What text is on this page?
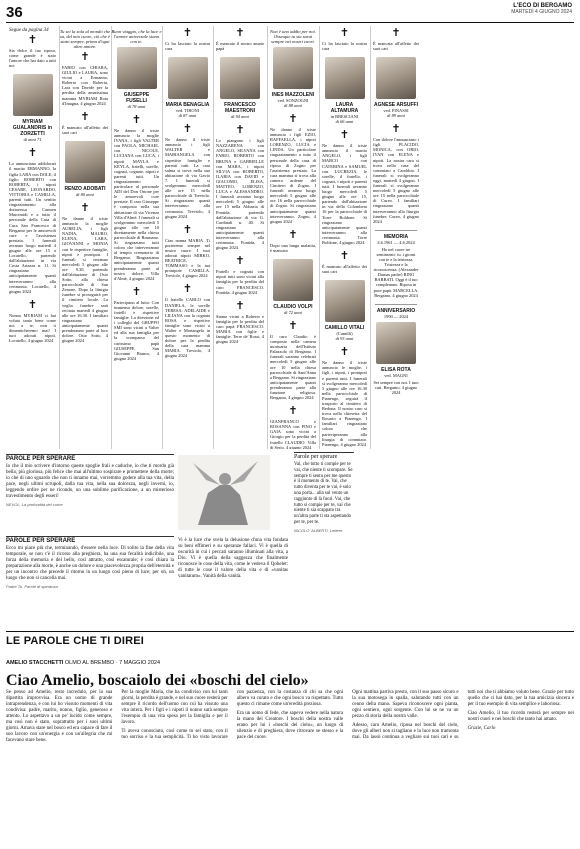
36	L'ECO DI BERGAMO
MARTEDÌ 4 GIUGNO 2024
Segue da pagina 34
✝
Sia dolce il tuo riposo, come grande è stato l'amore che hai dato a tutti noi
MYRIAM GUALANDRIS in ZORZETTI
di anni 71
✝
Lo annunciano addolorati il marito ERMANNO, la figlia LARA con DOLE, il figlio ROBERTO con ROBERTA, i nipoti CESARE, LEONARDO, VITTORIA e CAMILLA, parenti tutti. Un sentito ringraziamento alla dottoressa Carmen Marcimidi e a tutto il personale della Casa di Cura San Francesco di Bergamo per le amorevoli cure e l'assistenza prestata. I funerali avranno luogo martedì 4 giugno alle ore 15 a Locatello, partendo dall'abitazione in via Costa Ariazza n. 11. Si ringraziano anticipatamente quanti interverranno alla cerimonia. Locatello, 4 giugno 2024
✝
Nonna MYRIAM ci hai voluto tanto bene come noi a te, non ti dimenticheremo mai! I tuoi adorati nipoti. Locatello, 4 giugno 2024
Tu sei la sola al mondo che sa, del mio cuore, ciò che è stato sempre, prima d'ogni altro amore.
✝
FABIO con CHIARA, GIULIO e LAURA, sono vicini a Ermanno, Roberto con Roberta, Lara con Davide per la perdita della amatissima mamma MYRIAM Rota d'Imagna, 4 giugno 2024
✝
È mancato all'affetto dei suoi cari
RENZO ADOBATI
di 80 anni
✝
Ne danno il triste annuncio la moglie AURELIA, i figli NADIA, MAURO, ELENA, LARA, GIOVANNI e MONIA con le rispettive famiglie, nipoti e pronipoti. I funerali si terranno mercoledì 5 giugno alle ore 9.30, partendo dall'abitazione di Osio Sotto, alla chiesa parrocchiale di San Zenone. Dopo la liturgia funebre si proseguirà per il cimitero locale. La veglia funebre sarà recitata martedì 4 giugno alle ore 16.30. I familiari ringraziano anticipatamente quanti prenderanno parte al loro dolore. Osio Sotto, 4 giugno 2024
Buon viaggio, che la luce e l'amore universale siano con te.
GIUSEPPE FUSELLI
di 78 anni
✝
Ne danno il triste annuncio la moglie IVANA, i figli VALTER con PAOLA, MICHAEL con NICOLE, LUCIANA con LUCA, i nipoti MAYLA e KEYLA, fratelli, sorelle, cognati, cognate, nipoti e parenti tutti. Un ringraziamento particolare al personale ADI del Don Orione per le amorevoli cure prestate. Il caro Giuseppe è composto nella sua abitazione di via Vicenza Villa d'Almè. I funerali si svolgeranno mercoledì 5 giugno alle ore 10 direttamente nella chiesa parrocchiale di Brumano. Si ringraziano tutti coloro che interverranno al tempio crematorio di Bergamo. Ringraziamo anticipatamente quanti prenderanno parte al nostro dolore. Villa d'Almè, 4 giugno 2024
✝
Partecipano al lutto: Con immenso dolore, sorelle, fratelli e rispettive famiglie. La direzione ed i colleghi del GRUPPO SMI sono vicini a Valter ed alla sua famiglia per la scomparsa del carissimo papà GIUSEPPE. San Giovanni Bianco, 4 giugno 2024
✝
Ci ha lasciato la nostra cara
MARIA BENAGLIA
ved. TIRONI
di 87 anni
✝
Ne danno il triste annuncio i figli WALTER e MARIANGELA con rispettive famiglie e parenti tutti. La cara salma si trova nella sua abitazione di via Gavio 7. I funerali si svolgeranno mercoledì alle ore 15 nella parrocchiale di Treviolo. Si ringraziano quanti interverranno alla cerimonia. Treviolo, 4 giugno 2024
✝
Ciao nonna MARIA. Ti porteremo sempre nel nostro cuore. I tuoi adorati nipoti MIRKO, BEATRICE, TOMMASO e la tua pronipote CAMILLA. Treviolo, 4 giugno 2024
✝
Il fratello CARLO con DANIELA, le sorelle TERESA, ADELAIDE e LILIANA con la cognata ROSA e rispettive famiglie sono vicini a Walter e Mariangela in questo momento di dolore per la perdita della cara mamma MARIA. Treviolo, 4 giugno 2024
✝
È mancato il nostro amato papà
FRANCESCO MAESTRONI
di 94 anni
✝
Lo piangono i figli NAZZARENA con ANGELO, SILVANA con FABIO, ROBERTO con BRUNA e GABRIELLE con MARA, i nipoti SILVIA con ROBERTO, ILARIA con DAVID e GIACOMO, ELISA, MATTEO, LORENZO, LUCA e ALESSANDRO. I funerali avranno luogo mercoledì 5 giugno alle ore 15 nella Abbazia di Pontida, partendo dall'abitazione di via G. Cardinali n. 40. Si ringraziano anticipatamente quanti interverranno alla cerimonia. Pontida, 4 giugno 2024
✝
Fratelli e cognati con nipoti tutti sono vicini alla famiglia per la perdita del caro FRANCESCO. Pontida, 4 giugno 2024
✝
Siamo vicini a Roberto e famiglia per la perdita del caro papà FRANCESCO. MARIA con figlie e famiglie. Terre de' Rossi, 4 giugno 2024
Non è uno addio per noi. Ovunque tu sia sarai sempre nei nostri cuori.
INES MAZZOLENI
ved. SONZOGNI
di 88 anni
✝
Ne danno il triste annuncio i figli EZIO, RAFFAELLA, i nipoti LORENZO, LUCIA e LINDA. Un particolare ringraziamento a tutto il personale della casa di riposo di Zogno per l'assistenza prestata. La cara mamma si trova alla camera ardente del Cimitero di Zogno. I funerali avranno luogo mercoledì 5 giugno alle ore 16 nella parrocchiale di Zogno. Si ringraziano anticipatamente quanti interverranno. Zogno, 4 giugno 2024
✝
Dopo una lunga malattia, è mancato
CLAUDIO VOLPI
di 72 anni
✝
Il caro Claudio è composto nella camera mortuaria dell'Istituto Palazzolo di Bergamo. I funerali saranno celebrati mercoledì 5 giugno alle ore 10 nella chiesa parrocchiale di Sant'Anna a Bergamo. Si ringraziano anticipatamente quanti prenderanno parte alla funzione religiosa. Bergamo, 4 giugno 2024
✝
GIANFRANCO e ROSANNA con PINO e GAIA sono vicini a Giorgio per la perdita del fratello CLAUDIO. Villa di Serio, 4 giugno 2024
✝
Ci ha lasciato la nostra cara
LAURA ALTAMURA
in BRESCIANI
di 66 anni
✝
Ne danno il triste annuncio il marito ANGELO, i figli MARCO con CATERINA e SAMUEL con LUCREZIA, le sorelle, il fratello, i cognati, i nipoti e parenti tutti. I funerali avranno luogo mercoledì 5 giugno alle ore 15, partendo dall'abitazione in via della Colombera 16 per la parrocchiale di Torre Boldone. Si ringraziano anticipatamente quanti interverranno alla cerimonia. Torre Boldone, 4 giugno 2024
✝
È mancato all'affetto dei suoi cari
CAMILLO VITALI
(Camilli)
di 93 anni
✝
Ne danno il triste annuncio le moglie, i figli, i nipoti, i pronipoti e parenti tutti. I funerali si svolgeranno mercoledì 5 giugno alle ore 16.30 nella parrocchiale di Pianengo, seguirà il trasporto al cimitero di Redona. Il nostro caro si trova nella chiesetta del Rosario a Pianengo. I familiari ringraziano coloro che parteciperanno alla liturgia di commiato. Pianengo, 4 giugno 2024
✝
È mancata all'affetto dei suoi cari
AGNESE ARSUFFI
ved. FINASSI
di 89 anni
✝
Con dolore l'annunciano i figli PLACIDO, MONICA, con ORIO, IVAN con ELENA e nipoti. La nostra cara si trova nella casa del commiato a Carobbio. I funerali si svolgeranno oggi, martedì 4 giugno. I funerali si svolgeranno mercoledì 5 giugno alle ore 15 nella parrocchiale di Cureo. I familiari ringraziano quanti interverranno alla liturgia funebre. Cureo, 4 giugno 2024
MEMORIA
4.6.1961 — 4.6.2024
Ho nel cuore tre sentimenti: tu, i giorni con te e la tristezza. Tristezza e la riconoscenza. (Alexander Dumas padre) RINO BARBATI. Oggi è il tuo compleanno. Riposa in pace papà. MARCELLA. Bergamo, 4 giugno 2024
ANNIVERSARIO
1990 — 2024
ELISA ROTA
ved. MAGNI
Sei sempre con noi. I tuoi cari. Bergamo, 4 giugno 2024
PAROLE PER SPERARE
Io che il mio scrivere d'intorno queste spoglie frali e caduche, io che ti mordo già bella, più gloriosa, più felice che mai all'ultimo sospirare e promettere della morte; io che di uno sguardo che non ti innamo mai, vorremmo godere alla tua vita, della pace, negli ultimi scrupoli, dalla tua vita, nella sua dolcezza, negli inverni, io, leggendo ordire per ne ricondo, un una sublime purificazione, a un misterioso travestimento degli esseri!
NEVOL, La profondità del cuore
PAROLE PER SPERARE
Ecco mi piace più che, terminando, d'essere nella luce. Di solito la fine della vita temporale, se non c'è il ricorso alla preghiera, ha una sua fecalità indicibile, una forza della memoria e del bello, così attratto, così escaturale; è così chiara la preparazione alla morte, è anche un dolore e una piacevolezza propria dell'eternità e per un incontro che precede il ritorno in un luogo così pieno di luce; per oh, un luogo che non si cancella mai.
Padre Tu. Parole di speranza
Vi è la luce che svela la delusione d'una vita fondata su beni effimeri e su speranze fallaci. Vi è quella di oscurità in cui i peccati saranno illuminati alla vita, a Dio. Vi è quella della saggezza che finalmente riconosce le cose della vita, come le vedeva il Qohelet: di tutte le cose il valore della vita e di «vanitas vanitatum». Vanità della vanità.
Parole per sperare
Vai, che tutto ti compie per te vai, che niente ti scompare. Se sempre ti sentu per me questo è il momento di te. Vai, che tutto diventa per te vai, è solo una porta... alla sul vento un raggiunto di là fuori. Vai, che tutto si compie per te, vai che niente ti sia scappato tra un'altra parte ti sta aspettando per te, per te.
NICOLO' ALBERTI, Lettere
LE PAROLE CHE TI DIREI
AMELIO STACCHETTI OLMO AL BREMBO · 7 MAGGIO 2024
Ciao Amelio, boscaiolo dei «boschi del cielo»

Se penso ad Amelio, resto incredulo, per la sua dipartita improvvisa. Era un uomo di grande intraprendenza, e con lui ho vissuto momenti di vita condivisa: padre, marito, nonno, figlio, generoso e attento. Lo aspettavo a un pe' lucido come sempre, ma così non è stato, soprattutto per i suoi ultimi giorni. Amava stare nel bosco ed era capace di fare il suo lavoro con un'energia e con un'allegria che mi facevano stare bene.

Per la moglie Maria, che ha condiviso con lui tanti giorni, la perdita è grande, e nel suo cuore resterà per sempre il ricordo dell'uomo con cui ha vissuto una vita intera. Per i figli e i nipoti il nonno sarà sempre l'esempio di una vita spesa per la famiglia e per il lavoro.

Ti aveva conosciuto, così come tu sei stato, con il tuo sorriso e la tua semplicità. Ti ho visto lavorare con pazienza, con la costanza di chi sa che ogni albero va curato e che ogni bosco va rispettato. Tutto questo ci rimane come un'eredità preziosa.

Era un uomo di fede, che sapeva vedere nella natura la mano del Creatore. I boschi della nostra valle erano per lui i «boschi del cielo», un luogo di silenzio e di preghiera, dove ritrovare se stesso e la pace del cuore.

Ogni mattina partiva presto, con il suo passo sicuro e la sua motosega in spalla, salutando tutti con un cenno della mano. Sapeva riconoscere ogni pianta, ogni sentiero, ogni sorgente. Con lui se ne va un pezzo di storia della nostra valle.

Adesso, caro Amelio, riposa nei boschi del cielo, dove gli alberi non si tagliano e la luce non tramonta mai. Da lassù continua a vegliare sui tuoi cari e su tutti noi che ti abbiamo voluto bene. Grazie per tutto quello che ci hai dato, per la tua amicizia sincera e per il tuo esempio di vita semplice e laboriosa.

Ciao Amelio, il tuo ricordo resterà per sempre nei nostri cuori e nei boschi che tanto hai amato.

Grazie, Carlo
